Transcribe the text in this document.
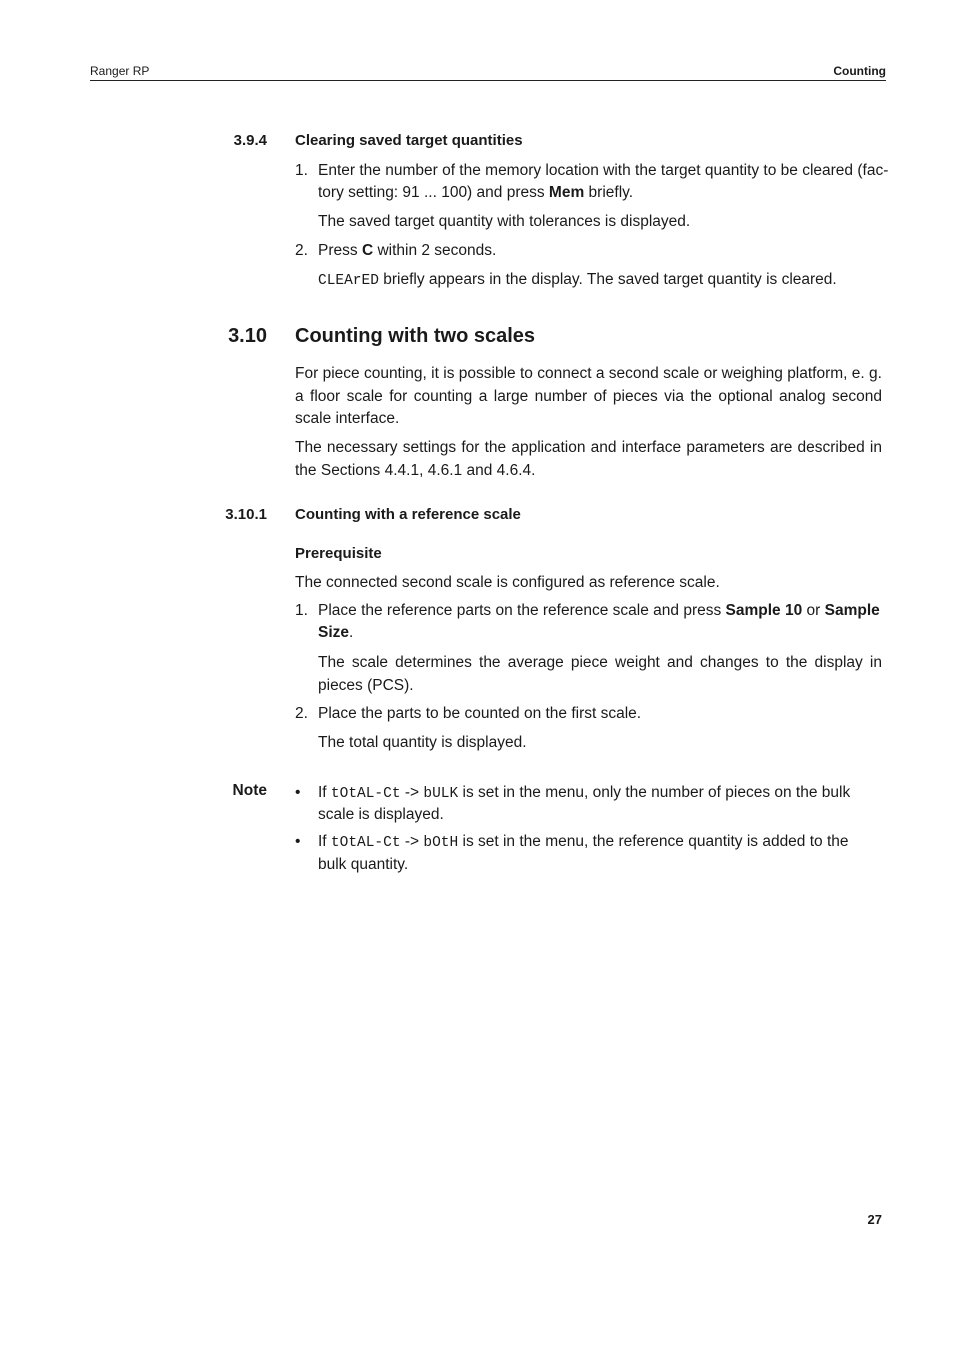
Ranger RP	Counting
3.9.4 Clearing saved target quantities
1. Enter the number of the memory location with the target quantity to be cleared (fac-
tory setting: 91 ... 100) and press Mem briefly.
The saved target quantity with tolerances is displayed.
2. Press C within 2 seconds.
CLEArED briefly appears in the display. The saved target quantity is cleared.
3.10 Counting with two scales

For piece counting, it is possible to connect a second scale or weighing platform, e. g. a floor scale for counting a large number of pieces via the optional analog second scale interface.

The necessary settings for the application and interface parameters are described in the Sections 4.4.1, 4.6.1 and 4.6.4.

3.10.1 Counting with a reference scale
Prerequisite
The connected second scale is configured as reference scale.
1. Place the reference parts on the reference scale and press Sample 10 or Sample
Size.

The scale determines the average piece weight and changes to the display in pieces (PCS).

2. Place the parts to be counted on the first scale.
The total quantity is displayed.
Note • If tOtAL-Ct -> bULK is set in the menu, only the number of pieces on the bulk
scale is displayed.
• If tOtAL-Ct -> bOtH is set in the menu, the reference quantity is added to the
bulk quantity.
27
